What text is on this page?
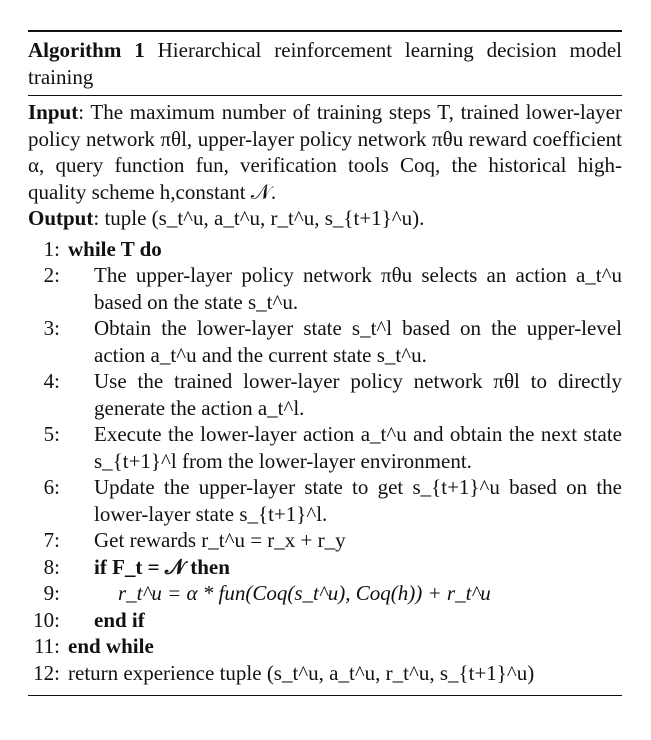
Algorithm 1 Hierarchical reinforcement learning decision model training
Input: The maximum number of training steps T, trained lower-layer policy network πθl, upper-layer policy network πθu reward coefficient α, query function fun, verification tools Coq, the historical high-quality scheme h,constant 𝒩.
Output: tuple (s_t^u, a_t^u, r_t^u, s_{t+1}^u).
1: while T do
2: The upper-layer policy network πθu selects an action a_t^u based on the state s_t^u.
3: Obtain the lower-layer state s_t^l based on the upper-level action a_t^u and the current state s_t^u.
4: Use the trained lower-layer policy network πθl to directly generate the action a_t^l.
5: Execute the lower-layer action a_t^u and obtain the next state s_{t+1}^l from the lower-layer environment.
6: Update the upper-layer state to get s_{t+1}^u based on the lower-layer state s_{t+1}^l.
7: Get rewards r_t^u = r_x + r_y
8: if F_t = 𝒩 then
9:	r_t^u = α * fun(Coq(s_t^u), Coq(h)) + r_t^u
10: end if
11: end while
12: return experience tuple (s_t^u, a_t^u, r_t^u, s_{t+1}^u)
